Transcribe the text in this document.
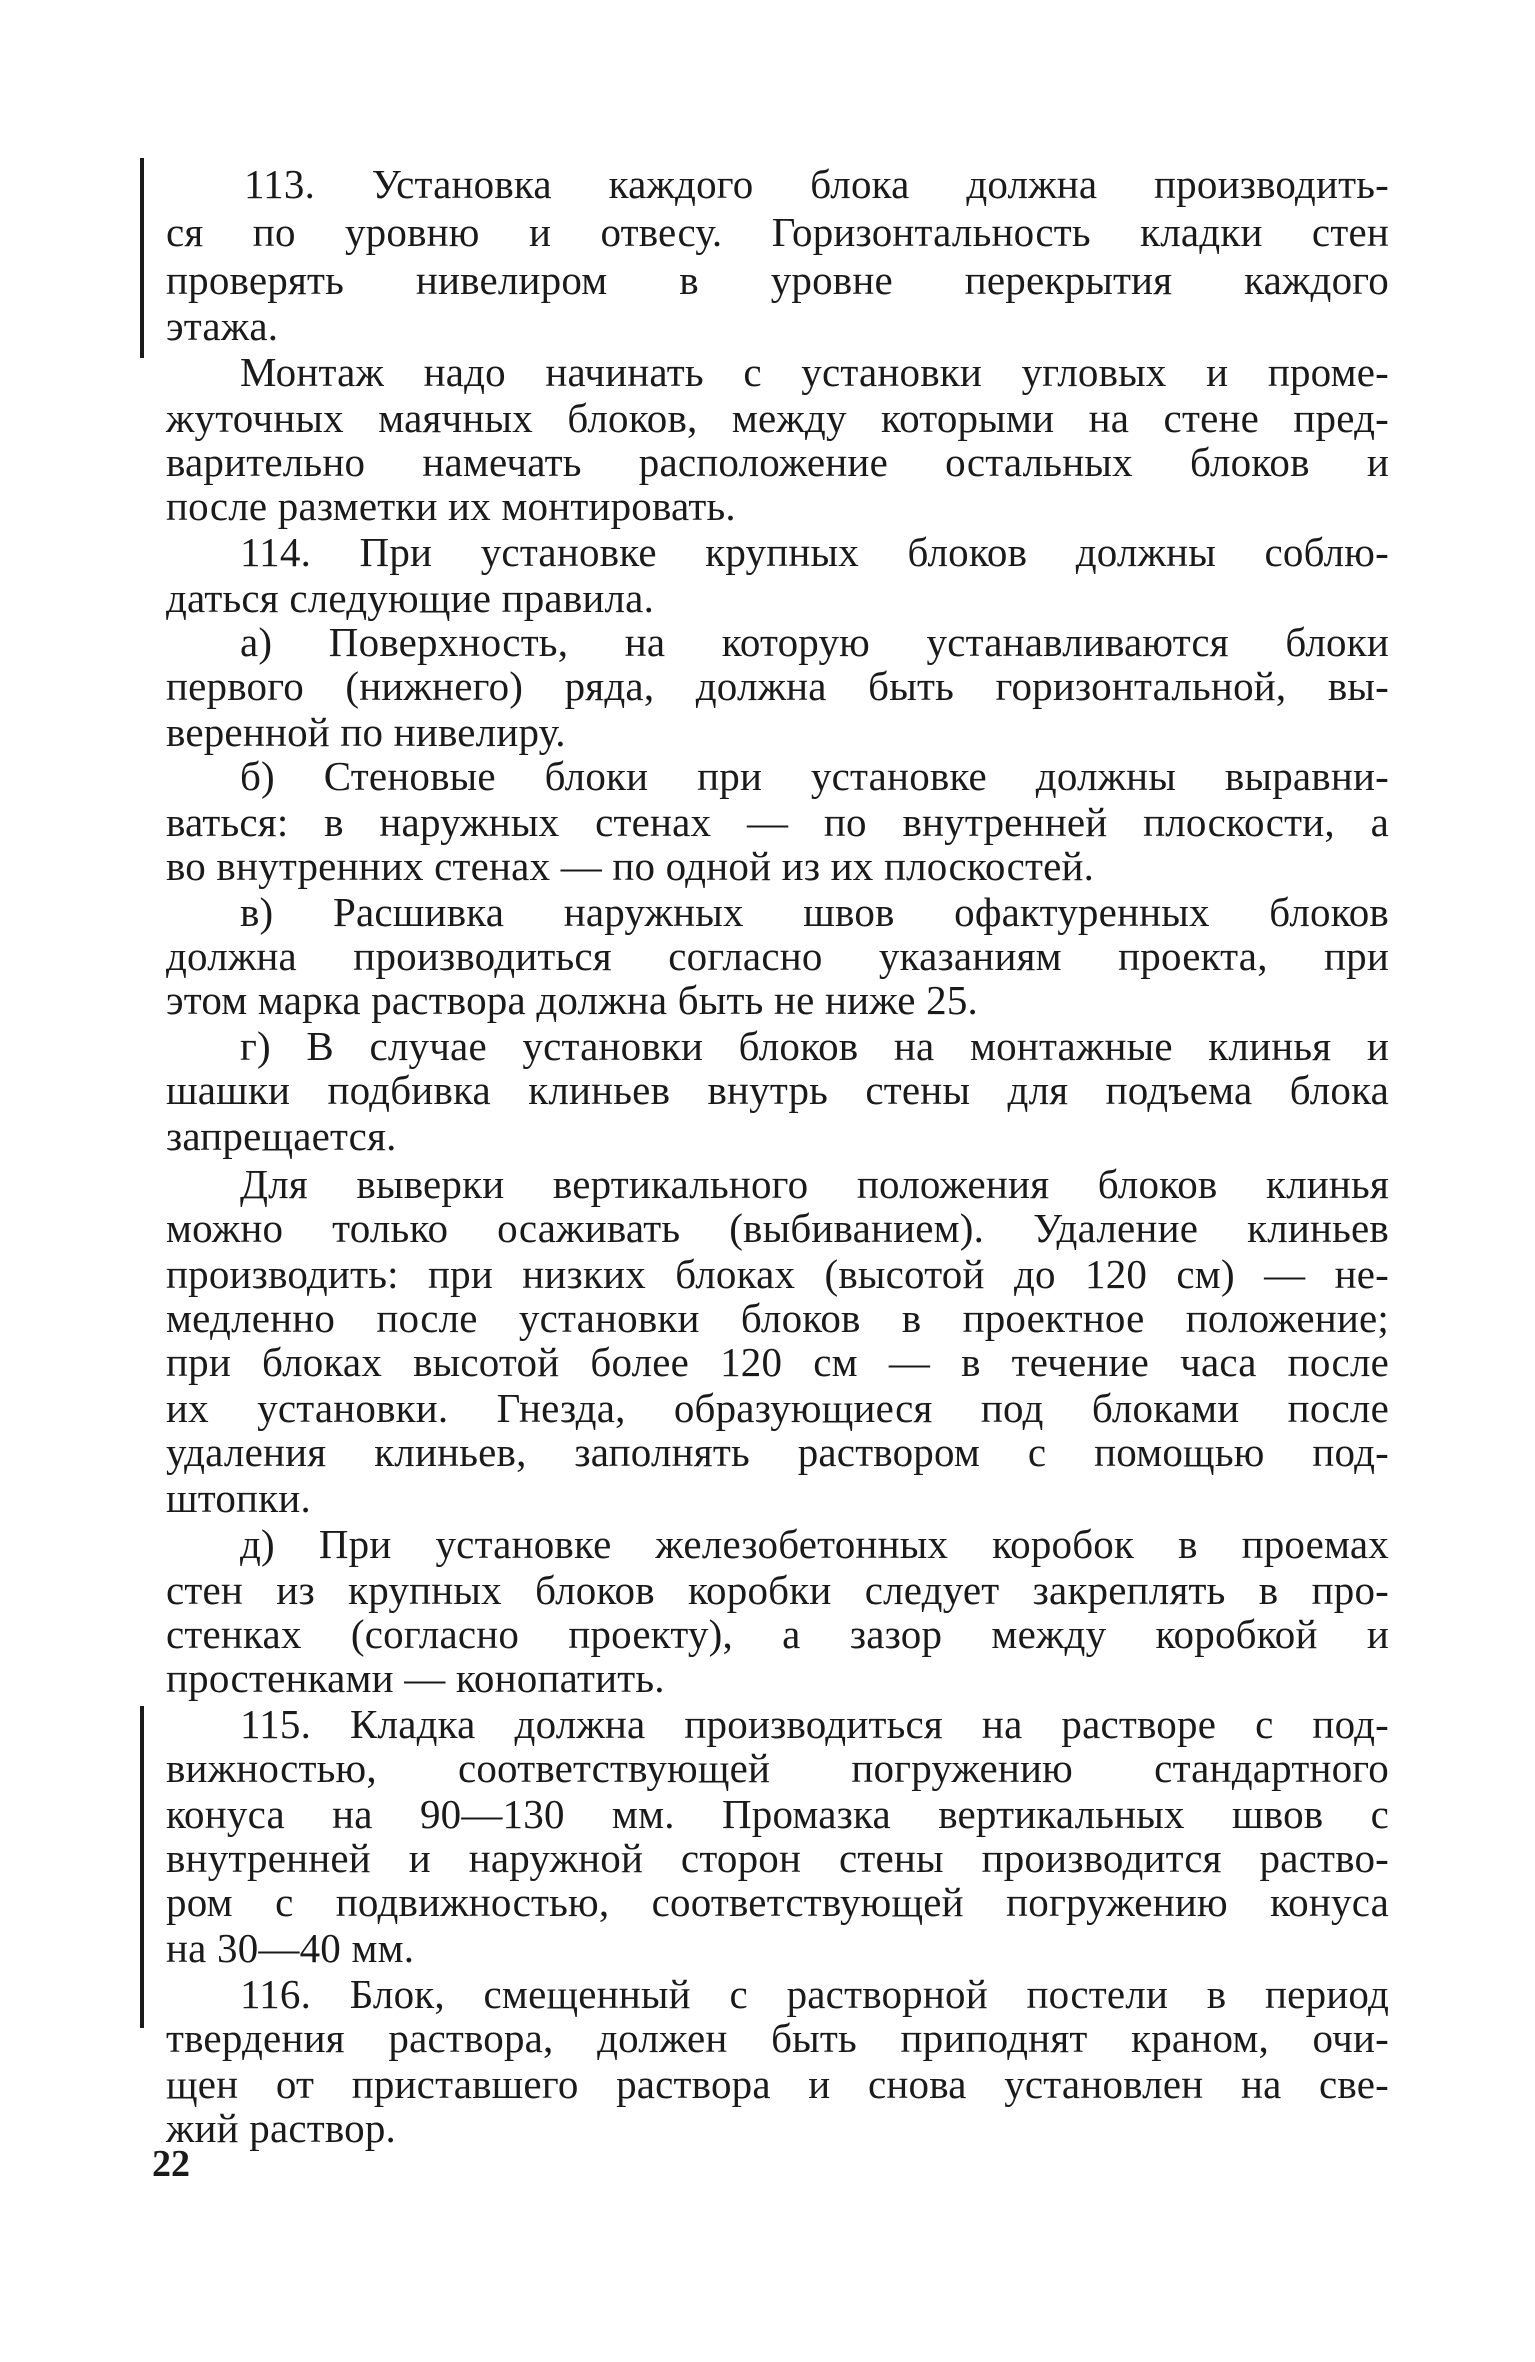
113. Установка каждого блока должна производить-
ся по уровню и отвесу. Горизонтальность кладки стен
проверять нивелиром в уровне перекрытия каждого
этажа.
Монтаж надо начинать с установки угловых и проме-
жуточных маячных блоков, между которыми на стене пред-
варительно намечать расположение остальных блоков и
после разметки их монтировать.
114. При установке крупных блоков должны соблю-
даться следующие правила.
а) Поверхность, на которую устанавливаются блоки
первого (нижнего) ряда, должна быть горизонтальной, вы-
веренной по нивелиру.
б) Стеновые блоки при установке должны выравни-
ваться: в наружных стенах — по внутренней плоскости, а
во внутренних стенах — по одной из их плоскостей.
в) Расшивка наружных швов офактуренных блоков
должна производиться согласно указаниям проекта, при
этом марка раствора должна быть не ниже 25.
г) В случае установки блоков на монтажные клинья и
шашки подбивка клиньев внутрь стены для подъема блока
запрещается.
Для выверки вертикального положения блоков клинья
можно только осаживать (выбиванием). Удаление клиньев
производить: при низких блоках (высотой до 120 см) — не-
медленно после установки блоков в проектное положение;
при блоках высотой более 120 см — в течение часа после
их установки. Гнезда, образующиеся под блоками после
удаления клиньев, заполнять раствором с помощью под-
штопки.
д) При установке железобетонных коробок в проемах
стен из крупных блоков коробки следует закреплять в про-
стенках (согласно проекту), а зазор между коробкой и
простенками — конопатить.
115. Кладка должна производиться на растворе с под-
вижностью, соответствующей погружению стандартного
конуса на 90—130 мм. Промазка вертикальных швов с
внутренней и наружной сторон стены производится раство-
ром с подвижностью, соответствующей погружению конуса
на 30—40 мм.
116. Блок, смещенный с растворной постели в период
твердения раствора, должен быть приподнят краном, очи-
щен от приставшего раствора и снова установлен на све-
жий раствор.
22
